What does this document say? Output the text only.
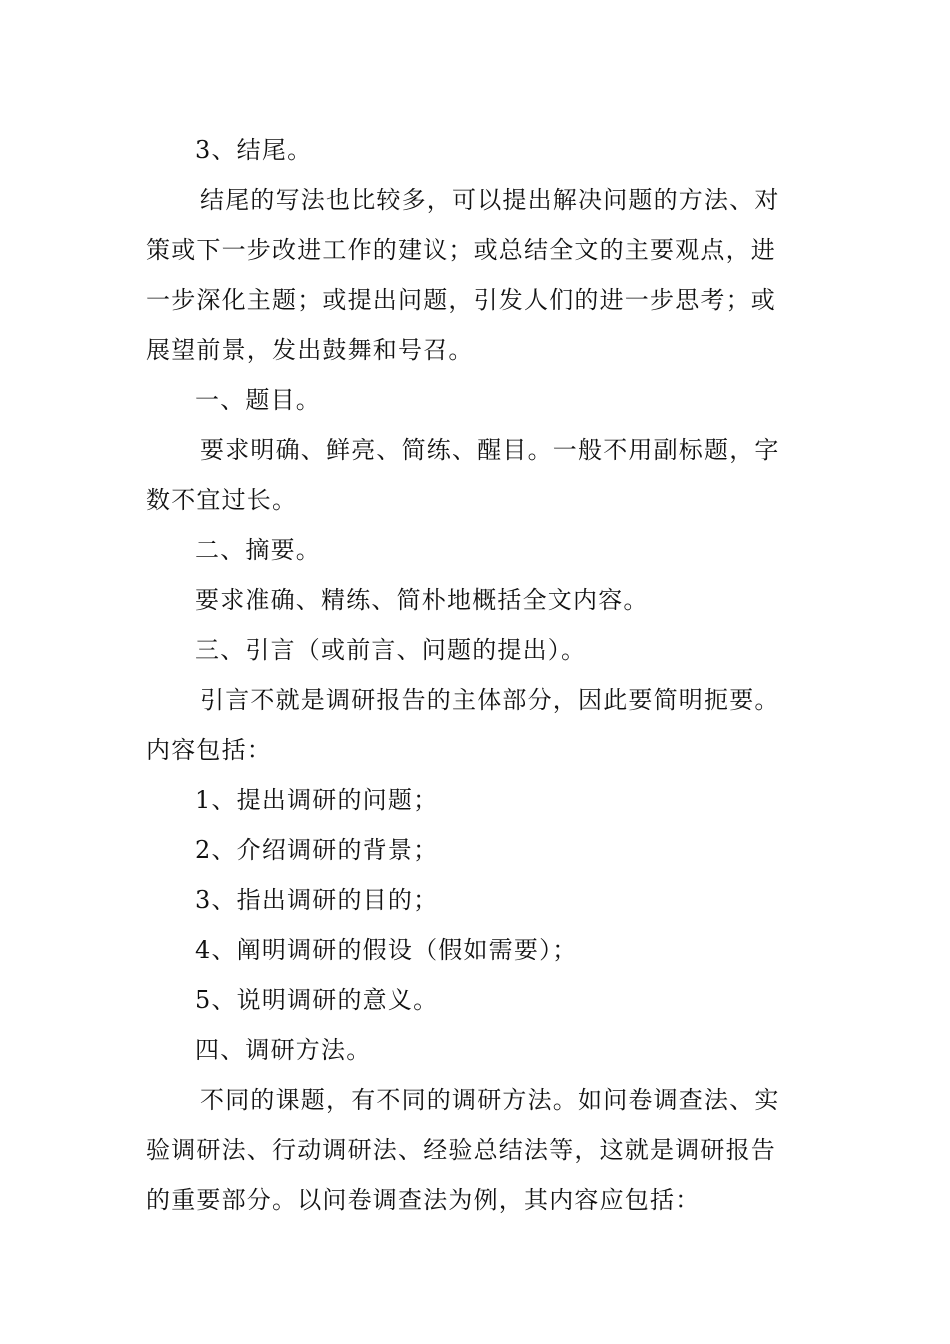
3、结尾。
结尾的写法也比较多，可以提出解决问题的方法、对
策或下一步改进工作的建议；或总结全文的主要观点，进
一步深化主题；或提出问题，引发人们的进一步思考；或
展望前景，发出鼓舞和号召。
一、题目。
要求明确、鲜亮、简练、醒目。一般不用副标题，字
数不宜过长。
二、摘要。
要求准确、精练、简朴地概括全文内容。
三、引言（或前言、问题的提出）。
引言不就是调研报告的主体部分，因此要简明扼要。
内容包括：
1、提出调研的问题；
2、介绍调研的背景；
3、指出调研的目的；
4、阐明调研的假设（假如需要）；
5、说明调研的意义。
四、调研方法。
不同的课题，有不同的调研方法。如问卷调查法、实
验调研法、行动调研法、经验总结法等，这就是调研报告
的重要部分。以问卷调查法为例，其内容应包括：
